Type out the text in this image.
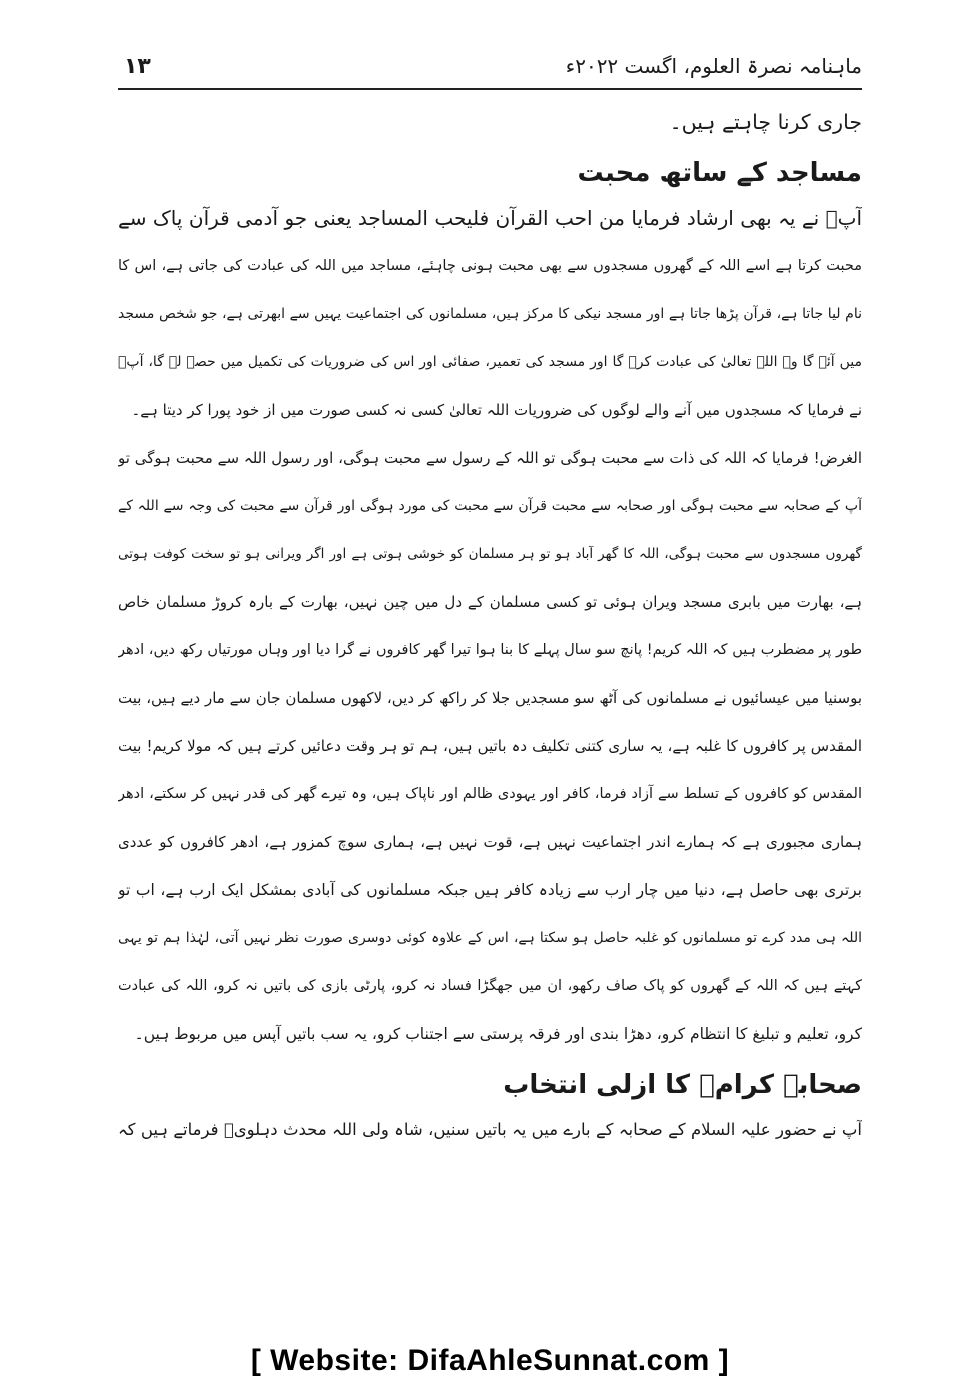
ماہنامہ نصرۃ العلوم، اگست ۲۰۲۲ء
۱۳
جاری کرنا چاہتے ہیں۔
مساجد کے ساتھ محبت
آپؒ نے یہ بھی ارشاد فرمایا من احب القرآن فلیحب المساجد یعنی جو آدمی قرآن پاک سے
محبت کرتا ہے اسے اللہ کے گھروں مسجدوں سے بھی محبت ہونی چاہئے، مساجد میں اللہ کی عبادت کی جاتی ہے، اس کا
نام لیا جاتا ہے، قرآن پڑھا جاتا ہے اور مسجد نیکی کا مرکز ہیں، مسلمانوں کی اجتماعیت یہیں سے ابھرتی ہے، جو شخص مسجد
میں آئے گا وہ اللہ تعالیٰ کی عبادت کرے گا اور مسجد کی تعمیر، صفائی اور اس کی ضروریات کی تکمیل میں حصہ لے گا، آپؒ
نے فرمایا کہ مسجدوں میں آنے والے لوگوں کی ضروریات اللہ تعالیٰ کسی نہ کسی صورت میں از خود پورا کر دیتا ہے۔
الغرض! فرمایا کہ اللہ کی ذات سے محبت ہوگی تو اللہ کے رسول سے محبت ہوگی، اور رسول اللہ سے محبت ہوگی تو
آپ کے صحابہ سے محبت ہوگی اور صحابہ سے محبت قرآن سے محبت کی مورد ہوگی اور قرآن سے محبت کی وجہ سے اللہ کے
گھروں مسجدوں سے محبت ہوگی، اللہ کا گھر آباد ہو تو ہر مسلمان کو خوشی ہوتی ہے اور اگر ویرانی ہو تو سخت کوفت ہوتی
ہے، بھارت میں بابری مسجد ویران ہوئی تو کسی مسلمان کے دل میں چین نہیں، بھارت کے بارہ کروڑ مسلمان خاص
طور پر مضطرب ہیں کہ اللہ کریم! پانچ سو سال پہلے کا بنا ہوا تیرا گھر کافروں نے گرا دیا اور وہاں مورتیاں رکھ دیں، ادھر
بوسنیا میں عیسائیوں نے مسلمانوں کی آٹھ سو مسجدیں جلا کر راکھ کر دیں، لاکھوں مسلمان جان سے مار دیے ہیں، بیت
المقدس پر کافروں کا غلبہ ہے، یہ ساری کتنی تکلیف دہ باتیں ہیں، ہم تو ہر وقت دعائیں کرتے ہیں کہ مولا کریم! بیت
المقدس کو کافروں کے تسلط سے آزاد فرما، کافر اور یہودی ظالم اور ناپاک ہیں، وہ تیرے گھر کی قدر نہیں کر سکتے، ادھر
ہماری مجبوری ہے کہ ہمارے اندر اجتماعیت نہیں ہے، قوت نہیں ہے، ہماری سوچ کمزور ہے، ادھر کافروں کو عددی
برتری بھی حاصل ہے، دنیا میں چار ارب سے زیادہ کافر ہیں جبکہ مسلمانوں کی آبادی بمشکل ایک ارب ہے، اب تو
اللہ ہی مدد کرے تو مسلمانوں کو غلبہ حاصل ہو سکتا ہے، اس کے علاوہ کوئی دوسری صورت نظر نہیں آتی، لہٰذا ہم تو یہی
کہتے ہیں کہ اللہ کے گھروں کو پاک صاف رکھو، ان میں جھگڑا فساد نہ کرو، پارٹی بازی کی باتیں نہ کرو، اللہ کی عبادت
کرو، تعلیم و تبلیغ کا انتظام کرو، دھڑا بندی اور فرقہ پرستی سے اجتناب کرو، یہ سب باتیں آپس میں مربوط ہیں۔
صحابہ کرامؓ کا ازلی انتخاب
آپ نے حضور علیہ السلام کے صحابہ کے بارے میں یہ باتیں سنیں، شاہ ولی اللہ محدث دہلویؒ فرماتے ہیں کہ
[ Website: DifaAhleSunnat.com ]
